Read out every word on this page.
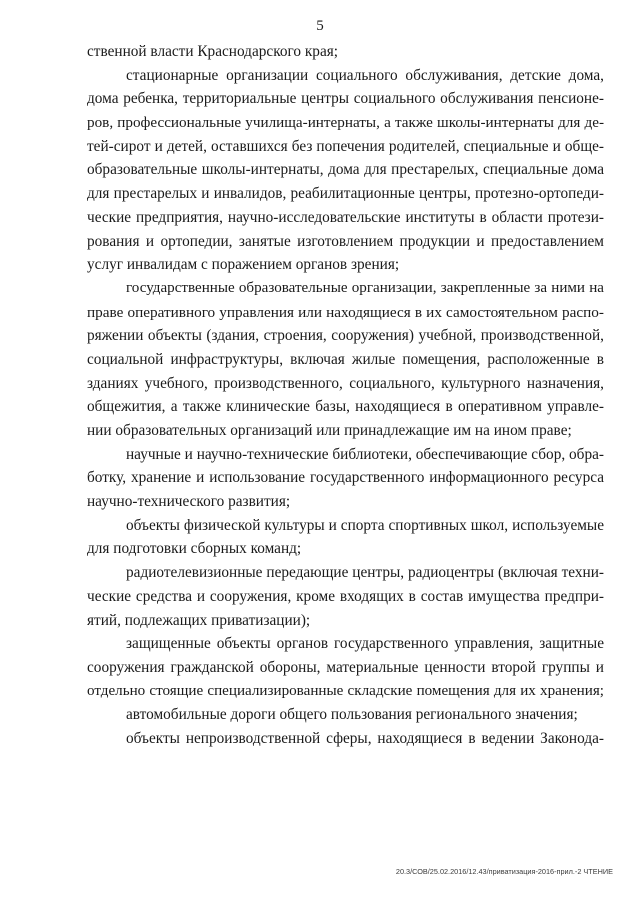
5
ственной власти Краснодарского края;
стационарные организации социального обслуживания, детские дома,
дома ребенка, территориальные центры социального обслуживания пенсионе-
ров, профессиональные училища-интернаты, а также школы-интернаты для де-
тей-сирот и детей, оставшихся без попечения родителей, специальные и обще-
образовательные школы-интернаты, дома для престарелых, специальные дома
для престарелых и инвалидов, реабилитационные центры, протезно-ортопеди-
ческие предприятия, научно-исследовательские институты в области протези-
рования и ортопедии, занятые изготовлением продукции и предоставлением
услуг инвалидам с поражением органов зрения;
государственные образовательные организации, закрепленные за ними на
праве оперативного управления или находящиеся в их самостоятельном распо-
ряжении объекты (здания, строения, сооружения) учебной, производственной,
социальной инфраструктуры, включая жилые помещения, расположенные в
зданиях учебного, производственного, социального, культурного назначения,
общежития, а также клинические базы, находящиеся в оперативном управле-
нии образовательных организаций или принадлежащие им на ином праве;
научные и научно-технические библиотеки, обеспечивающие сбор, обра-
ботку, хранение и использование государственного информационного ресурса
научно-технического развития;
объекты физической культуры и спорта спортивных школ, используемые
для подготовки сборных команд;
радиотелевизионные передающие центры, радиоцентры (включая техни-
ческие средства и сооружения, кроме входящих в состав имущества предпри-
ятий, подлежащих приватизации);
защищенные объекты органов государственного управления, защитные
сооружения гражданской обороны, материальные ценности второй группы и
отдельно стоящие специализированные складские помещения для их хранения;
автомобильные дороги общего пользования регионального значения;
объекты непроизводственной сферы, находящиеся в ведении Законода-
20.3/СОВ/25.02.2016/12.43/приватизация-2016-прил.-2 ЧТЕНИЕ
